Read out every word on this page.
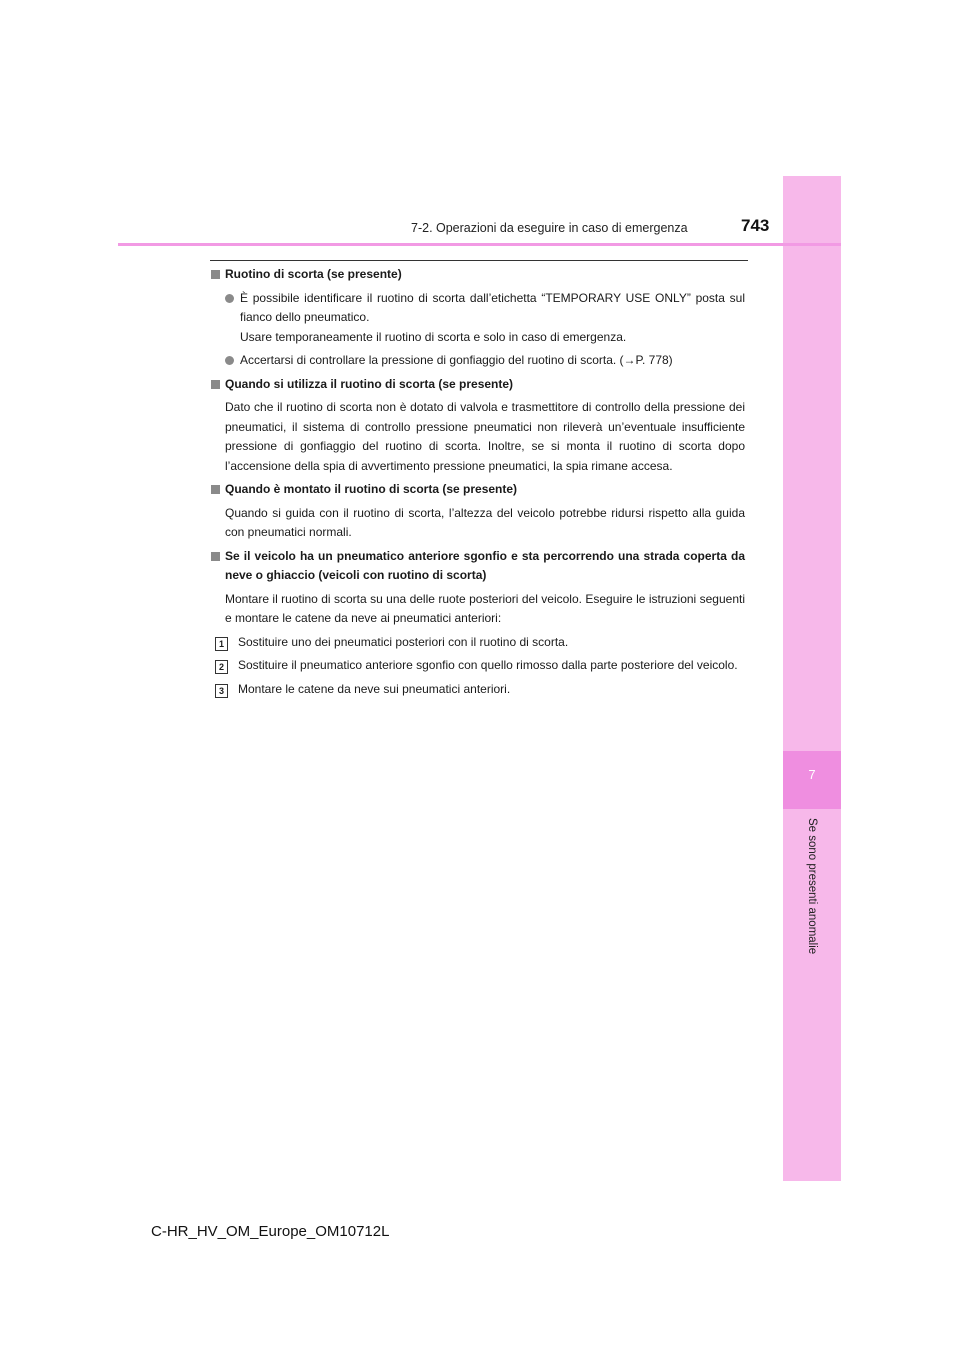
7
Se sono presenti anomalie
7-2. Operazioni da eseguire in caso di emergenza	743
Ruotino di scorta (se presente)
È possibile identificare il ruotino di scorta dall’etichetta “TEMPORARY USE ONLY” posta sul fianco dello pneumatico.
Usare temporaneamente il ruotino di scorta e solo in caso di emergenza.
Accertarsi di controllare la pressione di gonfiaggio del ruotino di scorta. (→P. 778)
Quando si utilizza il ruotino di scorta (se presente)
Dato che il ruotino di scorta non è dotato di valvola e trasmettitore di controllo della pressione dei pneumatici, il sistema di controllo pressione pneumatici non rileverà un’eventuale insufficiente pressione di gonfiaggio del ruotino di scorta. Inoltre, se si monta il ruotino di scorta dopo l’accensione della spia di avvertimento pressione pneumatici, la spia rimane accesa.
Quando è montato il ruotino di scorta (se presente)
Quando si guida con il ruotino di scorta, l’altezza del veicolo potrebbe ridursi rispetto alla guida con pneumatici normali.
Se il veicolo ha un pneumatico anteriore sgonfio e sta percorrendo una strada coperta da neve o ghiaccio (veicoli con ruotino di scorta)
Montare il ruotino di scorta su una delle ruote posteriori del veicolo. Eseguire le istruzioni seguenti e montare le catene da neve ai pneumatici anteriori:
1	Sostituire uno dei pneumatici posteriori con il ruotino di scorta.
2	Sostituire il pneumatico anteriore sgonfio con quello rimosso dalla parte posteriore del veicolo.
3	Montare le catene da neve sui pneumatici anteriori.
C-HR_HV_OM_Europe_OM10712L
